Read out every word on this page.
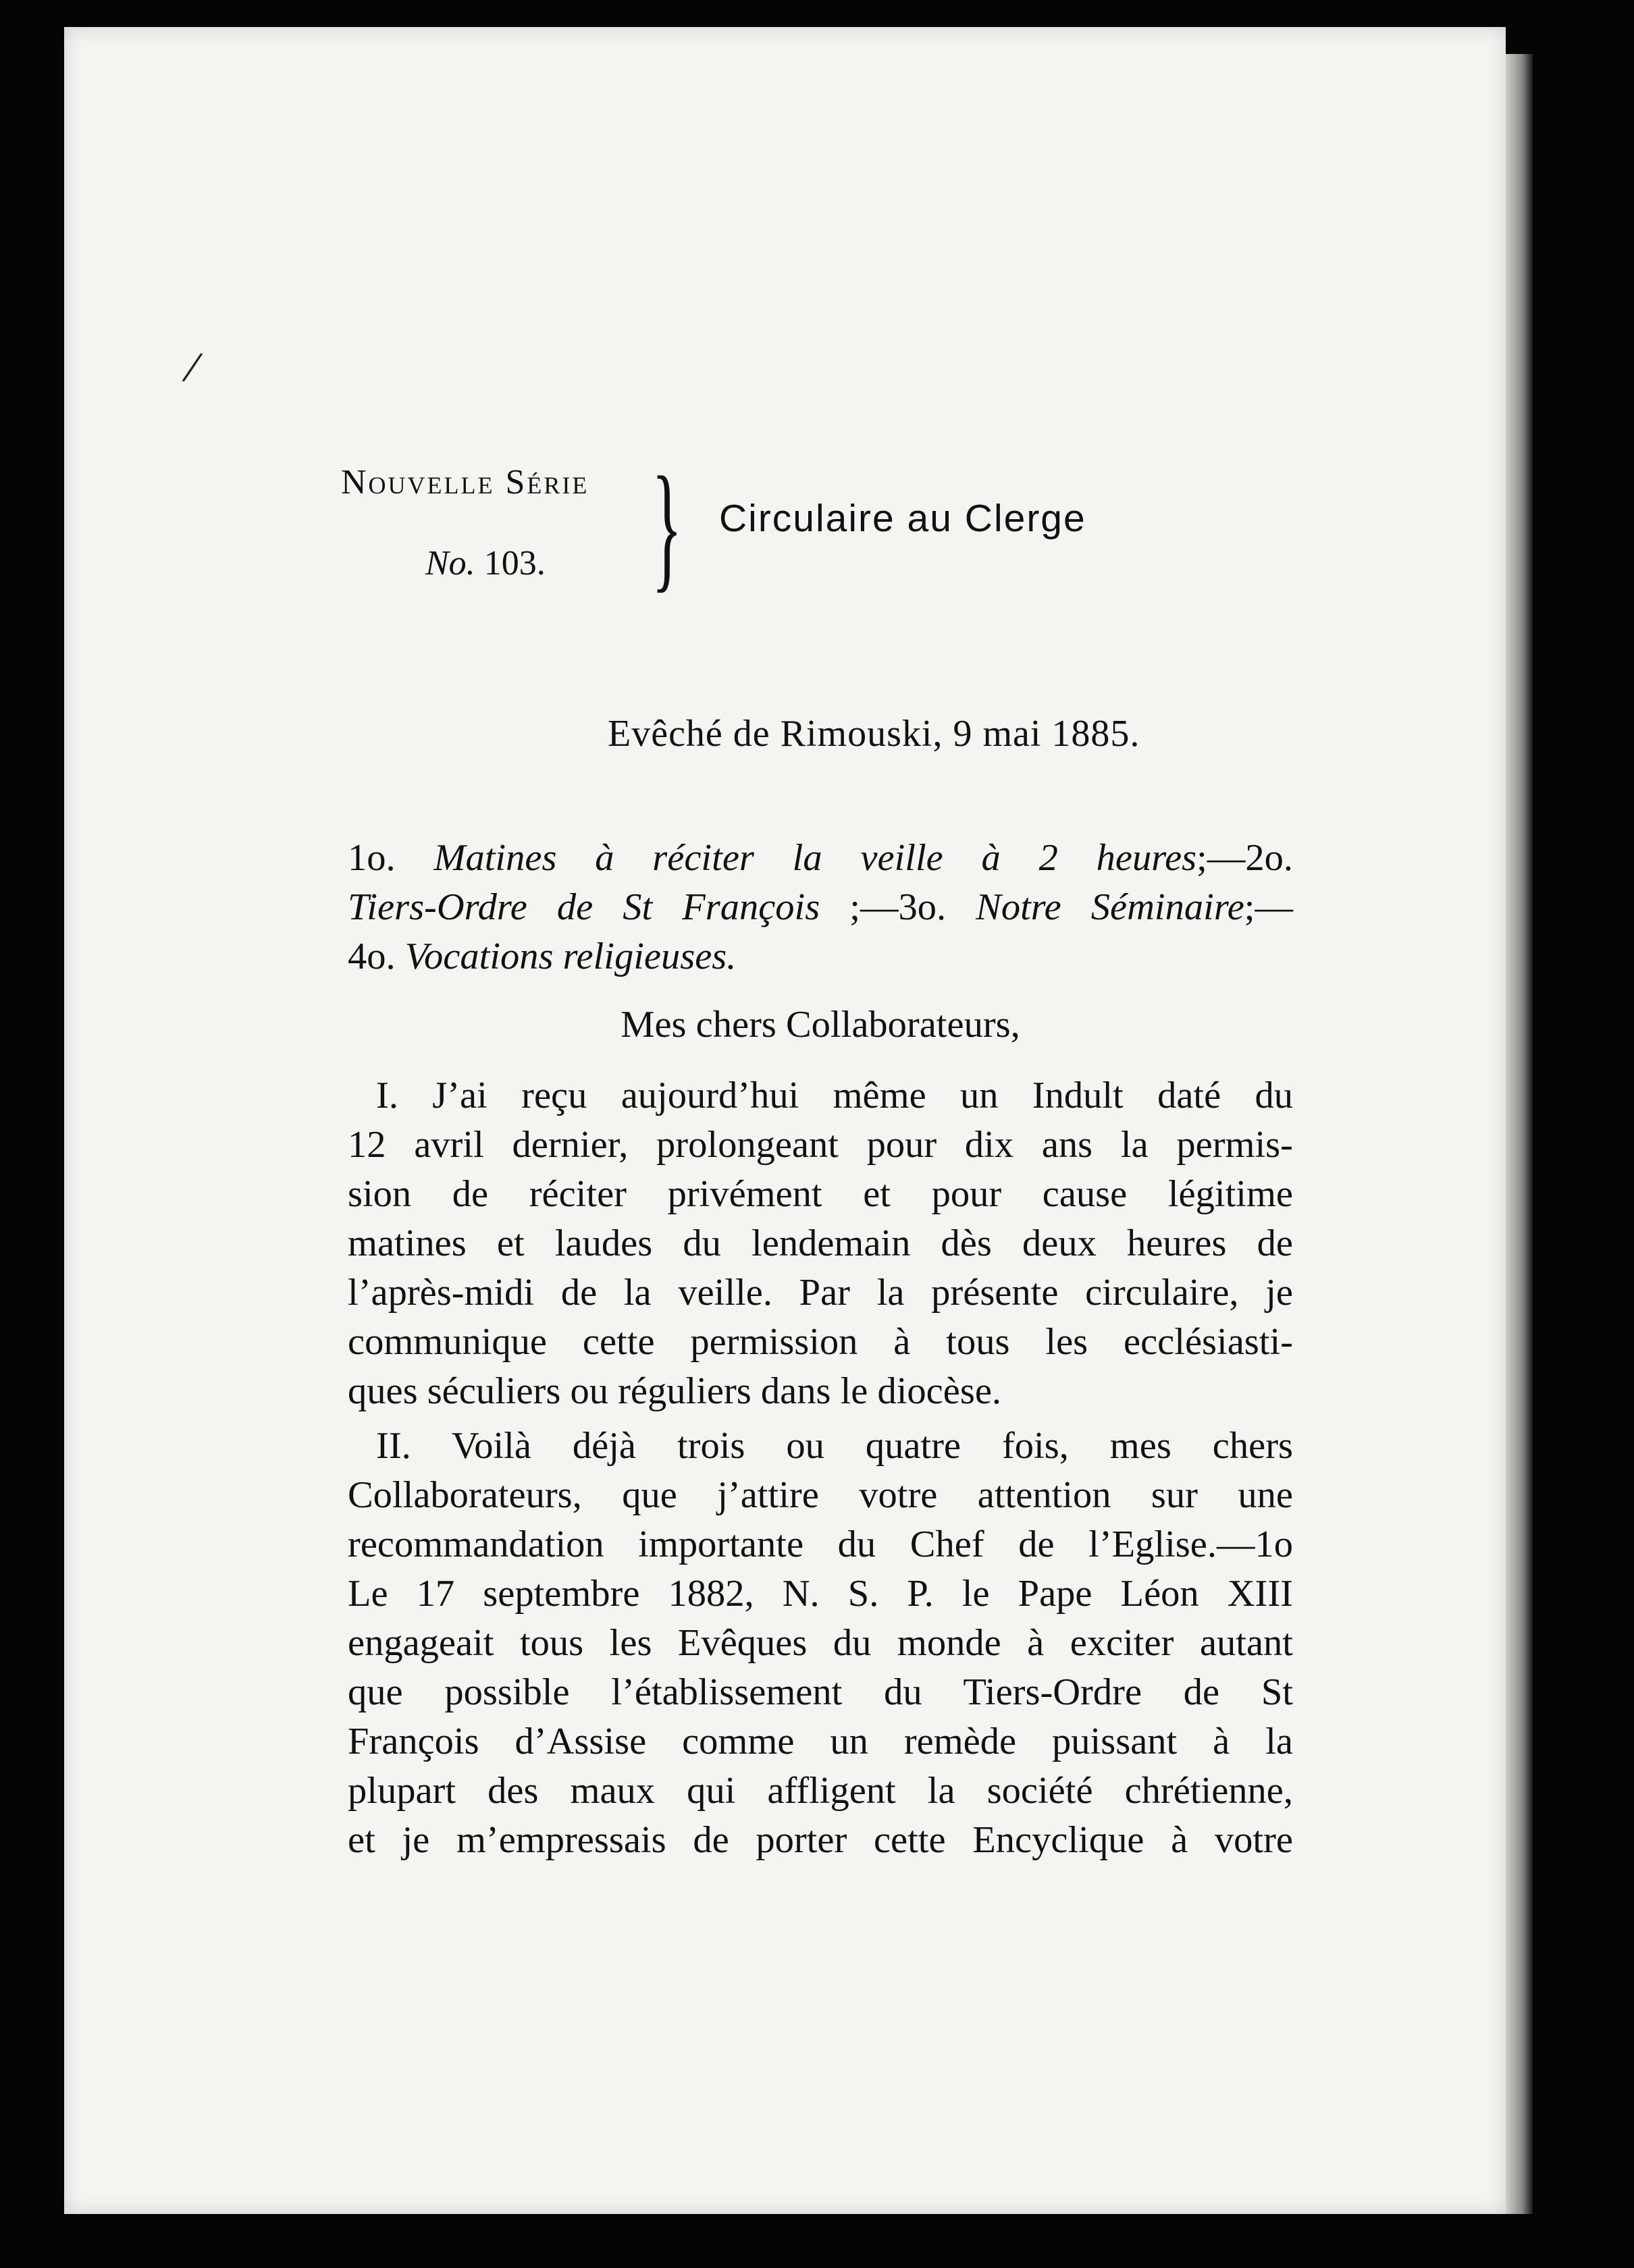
/
Nouvelle Série
No. 103. } Circulaire au Clerge
Evêché de Rimouski, 9 mai 1885.
1o. Matines à réciter la veille à 2 heures;—2o.
Tiers-Ordre de St François ;—3o. Notre Séminaire;—
4o. Vocations religieuses.
Mes chers Collaborateurs,
I. J’ai reçu aujourd’hui même un Indult daté du
12 avril dernier, prolongeant pour dix ans la permis-
sion de réciter privément et pour cause légitime
matines et laudes du lendemain dès deux heures de
l’après-midi de la veille. Par la présente circulaire, je
communique cette permission à tous les ecclésiasti-
ques séculiers ou réguliers dans le diocèse.
II. Voilà déjà trois ou quatre fois, mes chers
Collaborateurs, que j’attire votre attention sur une
recommandation importante du Chef de l’Eglise.—1o
Le 17 septembre 1882, N. S. P. le Pape Léon XIII
engageait tous les Evêques du monde à exciter autant
que possible l’établissement du Tiers-Ordre de St
François d’Assise comme un remède puissant à la
plupart des maux qui affligent la société chrétienne,
et je m’empressais de porter cette Encyclique à votre
